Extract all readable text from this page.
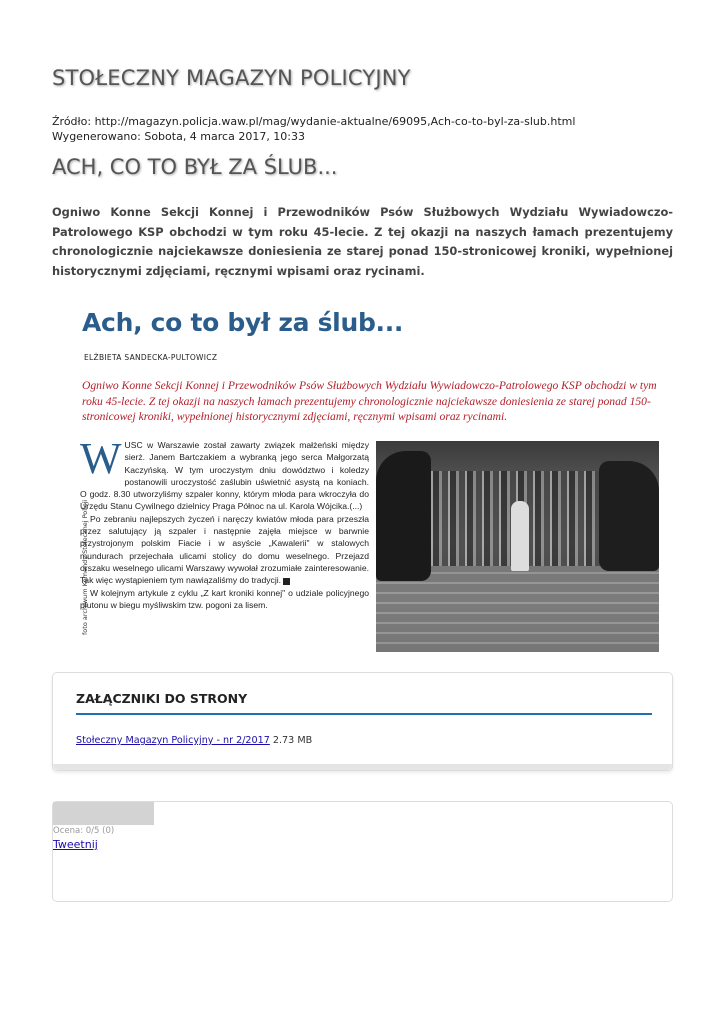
STOŁECZNY MAGAZYN POLICYJNY
Źródło: http://magazyn.policja.waw.pl/mag/wydanie-aktualne/69095,Ach-co-to-byl-za-slub.html
Wygenerowano: Sobota, 4 marca 2017, 10:33
ACH, CO TO BYŁ ZA ŚLUB...
Ogniwo Konne Sekcji Konnej i Przewodników Psów Służbowych Wydziału Wywiadowczo-Patrolowego KSP obchodzi w tym roku 45-lecie. Z tej okazji na naszych łamach prezentujemy chronologicznie najciekawsze doniesienia ze starej ponad 150-stronicowej kroniki, wypełnionej historycznymi zdjęciami, ręcznymi wpisami oraz rycinami.
Ach, co to był za ślub...
ELŻBIETA SANDECKA-PULTOWICZ
Ogniwo Konne Sekcji Konnej i Przewodników Psów Służbowych Wydziału Wywiadowczo-Patrolowego KSP obchodzi w tym roku 45-lecie. Z tej okazji na naszych łamach prezentujemy chronologicznie najciekawsze doniesienia ze starej ponad 150-stronicowej kroniki, wypełnionej historycznymi zdjęciami, ręcznymi wpisami oraz rycinami.
foto archiwum Komendy Stołecznej Policji

WUSC w Warszawie został zawarty związek małżeński między sierż. Janem Bartczakiem a wybranką jego serca Małgorzatą Kaczyńską. W tym uroczystym dniu dowództwo i koledzy postanowili uroczystość zaślubin uświetnić asystą na koniach. O godz. 8.30 utworzyliśmy szpaler konny, którym młoda para wkroczyła do Urzędu Stanu Cywilnego dzielnicy Praga Północ na ul. Karola Wójcika.(...)

Po zebraniu najlepszych życzeń i naręczy kwiatów młoda para przeszła przez salutujący ją szpaler i następnie zajęła miejsce w barwnie przystrojonym polskim Fiacie i w asyście „Kawalerii" w stalowych mundurach przejechała ulicami stolicy do domu weselnego. Przejazd orszaku weselnego ulicami Warszawy wywołał zrozumiałe zainteresowanie. Tak więc wystąpieniem tym nawiązaliśmy do tradycji.

W kolejnym artykule z cyklu „Z kart kroniki konnej" o udziale policyjnego plutonu w biegu myśliwskim tzw. pogoni za lisem.

ZAŁĄCZNIKI DO STRONY
Stołeczny Magazyn Policyjny - nr 2/2017 2.73 MB
Ocena: 0/5 (0)
Tweetnij
